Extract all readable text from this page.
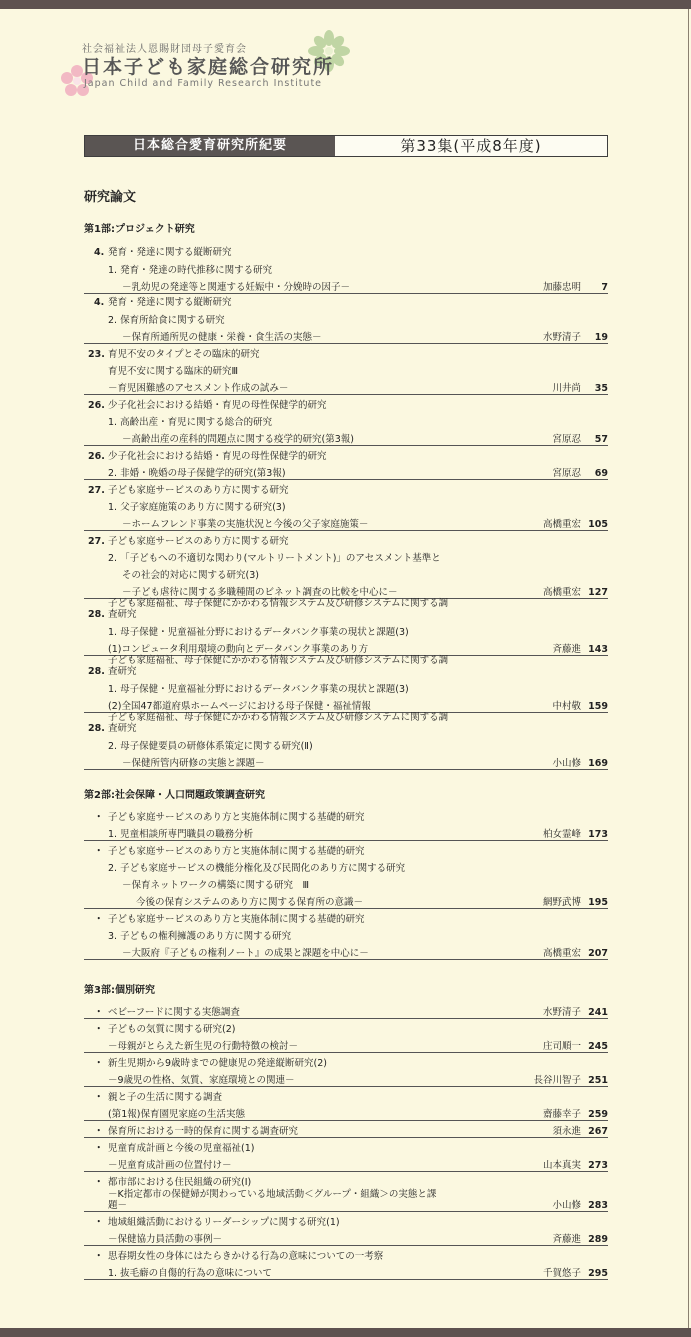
社会福祉法人恩賜財団母子愛育会
日本子ども家庭総合研究所
Japan Child and Family Research Institute
日本総合愛育研究所紀要	第33集(平成8年度)
研究論文
第1部:プロジェクト研究
第2部:社会保障・人口問題政策調査研究
第3部:個別研究
4. 発育・発達に関する縦断研究
1. 発育・発達の時代推移に関する研究
－乳幼児の発達等と関連する妊娠中・分娩時の因子－	加藤忠明	7
4. 発育・発達に関する縦断研究
2. 保育所給食に関する研究
－保育所通所児の健康・栄養・食生活の実態－	水野清子	19
23. 育児不安のタイプとその臨床的研究
育児不安に関する臨床的研究Ⅲ
－育児困難感のアセスメント作成の試み－	川井尚	35
26. 少子化社会における結婚・育児の母性保健学的研究
1. 高齢出産・育児に関する総合的研究
－高齢出産の産科的問題点に関する疫学的研究(第3報)	宮原忍	57
26. 少子化社会における結婚・育児の母性保健学的研究
2. 非婚・晩婚の母子保健学的研究(第3報)	宮原忍	69
27. 子ども家庭サービスのあり方に関する研究
1. 父子家庭施策のあり方に関する研究(3)
－ホームフレンド事業の実施状況と今後の父子家庭施策－	高橋重宏 105
27. 子ども家庭サービスのあり方に関する研究
2. 「子どもへの不適切な関わり(マルトリートメント)」のアセスメント基準と
その社会的対応に関する研究(3)
－子ども虐待に関する多職種間のビネット調査の比較を中心に－	高橋重宏 127
28.
子ども家庭福祉、母子保健にかかわる情報システム及び研修システムに関する調
査研究
1. 母子保健・児童福祉分野におけるデータバンク事業の現状と課題(3)
(1)コンピュータ利用環境の動向とデータバンク事業のあり方	斉藤進 143
28.
子ども家庭福祉、母子保健にかかわる情報システム及び研修システムに関する調
査研究
1. 母子保健・児童福祉分野におけるデータバンク事業の現状と課題(3)
(2)全国47都道府県ホームページにおける母子保健・福祉情報	中村敬 159
28.
子ども家庭福祉、母子保健にかかわる情報システム及び研修システムに関する調
査研究
2. 母子保健要員の研修体系策定に関する研究(Ⅱ)
－保健所管内研修の実態と課題－	小山修 169
・ 子ども家庭サービスのあり方と実施体制に関する基礎的研究
1. 児童相談所専門職員の職務分析	柏女霊峰 173
・ 子ども家庭サービスのあり方と実施体制に関する基礎的研究
2. 子ども家庭サービスの機能分権化及び民間化のあり方に関する研究
－保育ネットワークの構築に関する研究　Ⅲ
今後の保育システムのあり方に関する保育所の意識－	網野武博 195
・ 子ども家庭サービスのあり方と実施体制に関する基礎的研究
3. 子どもの権利擁護のあり方に関する研究
－大阪府『子どもの権利ノート』の成果と課題を中心に－	高橋重宏 207
・ ベビーフードに関する実態調査	水野清子 241
・ 子どもの気質に関する研究(2)
－母親がとらえた新生児の行動特徴の検討－	庄司順一 245
・ 新生児期から9歳時までの健康児の発達縦断研究(2)
－9歳児の性格、気質、家庭環境との関連－	長谷川智子 251
・ 親と子の生活に関する調査
(第1報)保育園児家庭の生活実態	齋藤幸子 259
・ 保育所における一時的保育に関する調査研究	須永進 267
・ 児童育成計画と今後の児童福祉(1)
－児童育成計画の位置付け－	山本真実 273
・ 都市部における住民組織の研究(Ⅰ)
－K指定都市の保健婦が関わっている地域活動＜グループ・組織＞の実態と課
題－	小山修 283
・ 地域組織活動におけるリーダーシップに関する研究(1)
－保健協力員活動の事例－	斉藤進 289
・ 思春期女性の身体にはたらきかける行為の意味についての一考察
1. 抜毛癖の自傷的行為の意味について	千賀悠子 295
